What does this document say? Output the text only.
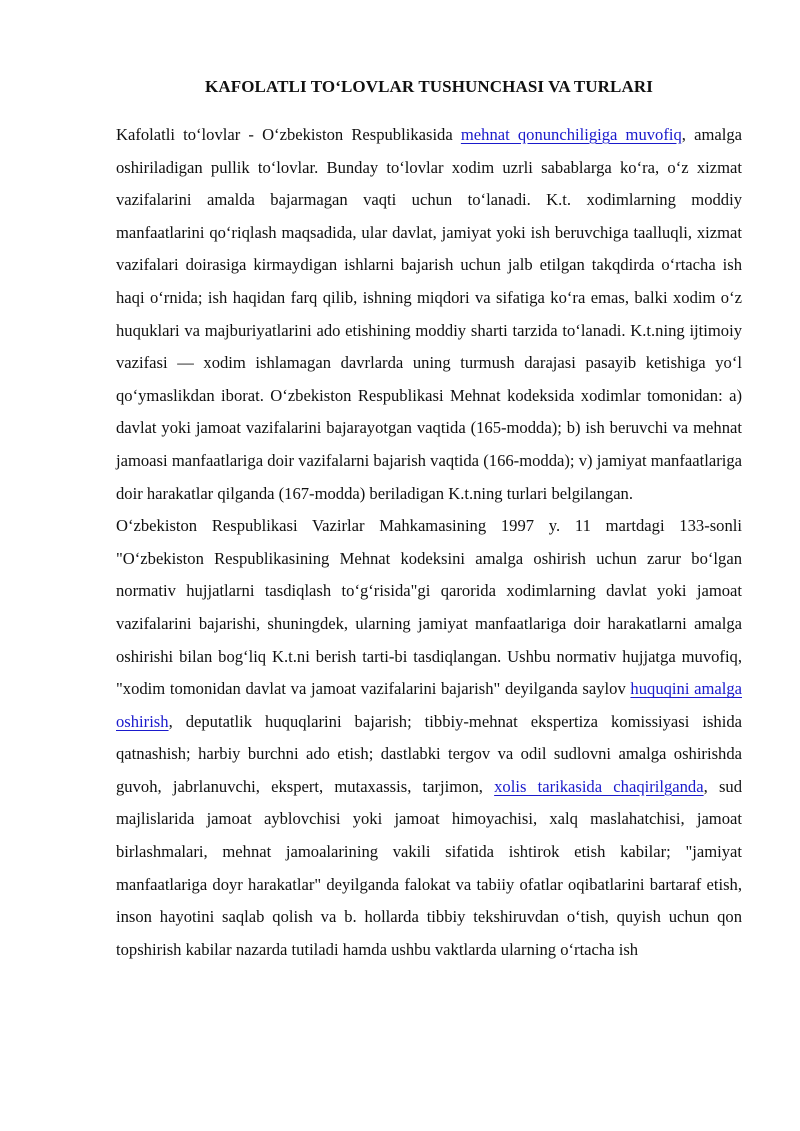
KAFOLATLI TO‘LOVLAR TUSHUNCHASI VA TURLARI

Kafolatli to‘lovlar - O‘zbekiston Respublikasida mehnat qonunchiligiga muvofiq, amalga oshiriladigan pullik to‘lovlar. Bunday to‘lovlar xodim uzrli sabablarga ko‘ra, o‘z xizmat vazifalarini amalda bajarmagan vaqti uchun to‘lanadi. K.t. xodimlarning moddiy manfaatlarini qo‘riqlash maqsadida, ular davlat, jamiyat yoki ish beruvchiga taalluqli, xizmat vazifalari doirasiga kirmaydigan ishlarni bajarish uchun jalb etilgan takqdirda o‘rtacha ish haqi o‘rnida; ish haqidan farq qilib, ishning miqdori va sifatiga ko‘ra emas, balki xodim o‘z huquklari va majburiyatlarini ado etishining moddiy sharti tarzida to‘lanadi. K.t.ning ijtimoiy vazifasi — xodim ishlamagan davrlarda uning turmush darajasi pasayib ketishiga yo‘l qo‘ymaslikdan iborat. O‘zbekiston Respublikasi Mehnat kodeksida xodimlar tomonidan: a) davlat yoki jamoat vazifalarini bajarayotgan vaqtida (165-modda); b) ish beruvchi va mehnat jamoasi manfaatlariga doir vazifalarni bajarish vaqtida (166-modda); v) jamiyat manfaatlariga doir harakatlar qilganda (167-modda) beriladigan K.t.ning turlari belgilangan.

O‘zbekiston Respublikasi Vazirlar Mahkamasining 1997 y. 11 martdagi 133-sonli "O‘zbekiston Respublikasining Mehnat kodeksini amalga oshirish uchun zarur bo‘lgan normativ hujjatlarni tasdiqlash to‘g‘risida"gi qarorida xodimlarning davlat yoki jamoat vazifalarini bajarishi, shuningdek, ularning jamiyat manfaatlariga doir harakatlarni amalga oshirishi bilan bog‘liq K.t.ni berish tarti-bi tasdiqlangan. Ushbu normativ hujjatga muvofiq, "xodim tomonidan davlat va jamoat vazifalarini bajarish" deyilganda saylov huquqini amalga oshirish, deputatlik huquqlarini bajarish; tibbiy-mehnat ekspertiza komissiyasi ishida qatnashish; harbiy burchni ado etish; dastlabki tergov va odil sudlovni amalga oshirishda guvoh, jabrlanuvchi, ekspert, mutaxassis, tarjimon, xolis tarikasida chaqirilganda, sud majlislarida jamoat ayblovchisi yoki jamoat himoyachisi, xalq maslahatchisi, jamoat birlashmalari, mehnat jamoalarining vakili sifatida ishtirok etish kabilar; "jamiyat manfaatlariga doyr harakatlar" deyilganda falokat va tabiiy ofatlar oqibatlarini bartaraf etish, inson hayotini saqlab qolish va b. hollarda tibbiy tekshiruvdan o‘tish, quyish uchun qon topshirish kabilar nazarda tutiladi hamda ushbu vaktlarda ularning o‘rtacha ish
